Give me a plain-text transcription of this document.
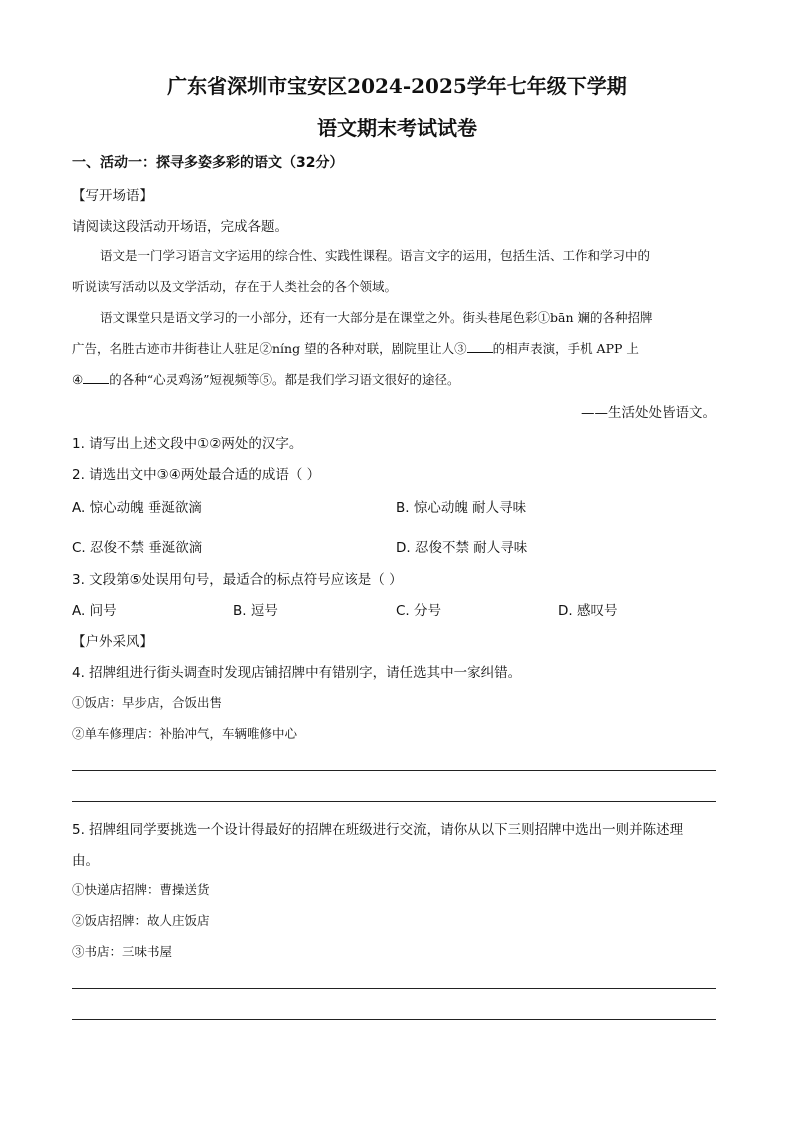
广东省深圳市宝安区2024-2025学年七年级下学期
语文期末考试试卷
一、活动一：探寻多姿多彩的语文（32分）
【写开场语】
请阅读这段活动开场语，完成各题。
语文是一门学习语言文字运用的综合性、实践性课程。语言文字的运用，包括生活、工作和学习中的
听说读写活动以及文学活动，存在于人类社会的各个领域。
语文课堂只是语文学习的一小部分，还有一大部分是在课堂之外。街头巷尾色彩①bān 斓的各种招牌
广告，名胜古迹市井街巷让人驻足②níng 望的各种对联，剧院里让人③ 的相声表演，手机 APP 上
④ 的各种“心灵鸡汤”短视频等⑤。都是我们学习语文很好的途径。
——生活处处皆语文。
1. 请写出上述文段中①②两处的汉字。
2. 请选出文中③④两处最合适的成语（ ）
A. 惊心动魄 垂涎欲滴	B. 惊心动魄 耐人寻味
C. 忍俊不禁 垂涎欲滴	D. 忍俊不禁 耐人寻味
3. 文段第⑤处误用句号，最适合的标点符号应该是（ ）
A. 问号	B. 逗号	C. 分号	D. 感叹号
【户外采风】
4. 招牌组进行街头调查时发现店铺招牌中有错别字，请任选其中一家纠错。
①饭店：早步店，合饭出售
②单车修理店：补胎冲气，车辆唯修中心
5. 招牌组同学要挑选一个设计得最好的招牌在班级进行交流，请你从以下三则招牌中选出一则并陈述理
由。
①快递店招牌：曹操送货
②饭店招牌：故人庄饭店
③书店：三味书屋
